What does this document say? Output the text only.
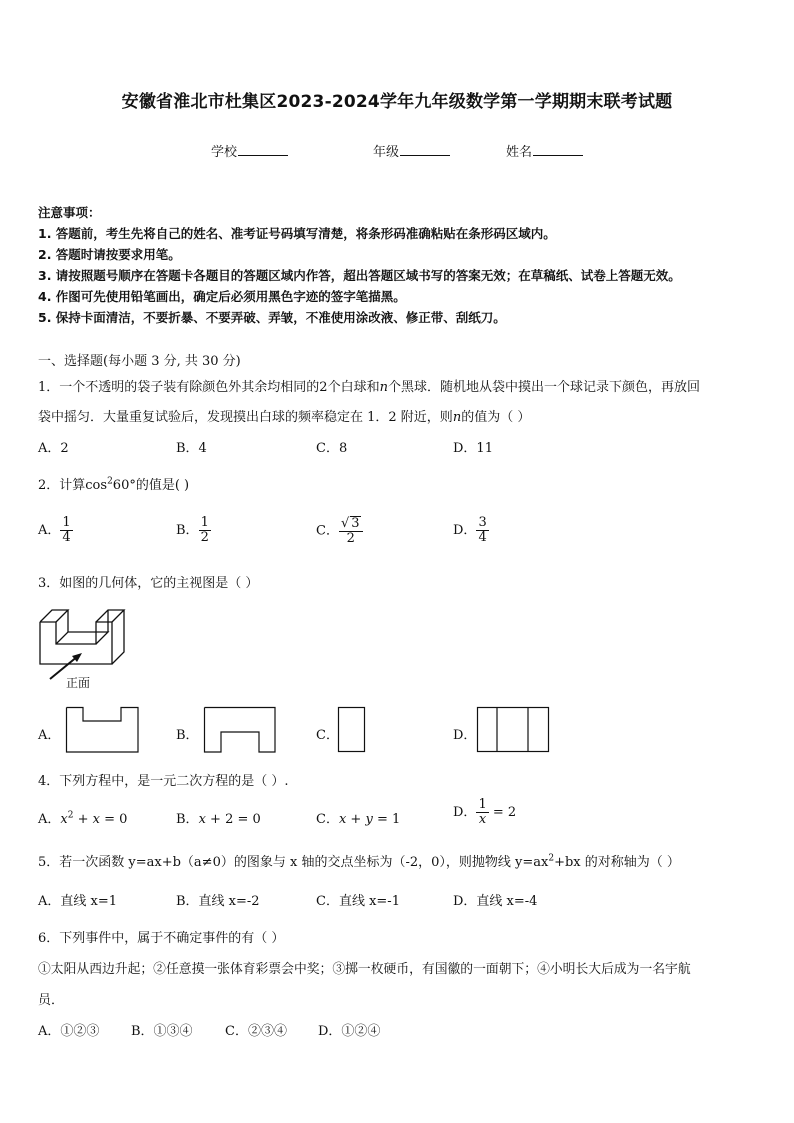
安徽省淮北市杜集区2023-2024学年九年级数学第一学期期末联考试题
学校	年级	姓名
注意事项：
1. 答题前，考生先将自己的姓名、准考证号码填写清楚，将条形码准确粘贴在条形码区域内。
2. 答题时请按要求用笔。
3. 请按照题号顺序在答题卡各题目的答题区域内作答，超出答题区域书写的答案无效；在草稿纸、试卷上答题无效。
4. 作图可先使用铅笔画出，确定后必须用黑色字迹的签字笔描黑。
5. 保持卡面清洁，不要折暴、不要弄破、弄皱，不准使用涂改液、修正带、刮纸刀。
一、选择题(每小题 3 分, 共 30 分)
1．一个不透明的袋子装有除颜色外其余均相同的2个白球和n个黑球．随机地从袋中摸出一个球记录下颜色，再放回
袋中摇匀．大量重复试验后，发现摸出白球的频率稳定在 1．2 附近，则n的值为（ ）
A．2	B．4	C．8	D．11
2．计算$\cos^260^\circ$的值是( )
A． $\frac{1}{4}$	B． $\frac{1}{2}$	C． $\frac{√ 3}{2}$	D． $\frac{3}{4}$
3．如图的几何体，它的主视图是（ ）
正面
A．	B．	C．	D．
4．下列方程中，是一元二次方程的是（ ）.
A．$x^2 + x = 0$	B．x + 2 = 0	C．x + y = 1	D． $\frac{1}{x} = 2$
5．若一次函数 y=ax+b（a≠0）的图象与 x 轴的交点坐标为（-2，0），则抛物线 $y=ax^2+bx$ 的对称轴为（ ）
A．直线 x=1	B．直线 x=-2	C．直线 x=-1	D．直线 x=-4
6．下列事件中，属于不确定事件的有（ ）
①太阳从西边升起；②任意摸一张体育彩票会中奖；③掷一枚硬币，有国徽的一面朝下；④小明长大后成为一名宇航
员．
A．①②③ B．①③④ C．②③④ D．①②④
